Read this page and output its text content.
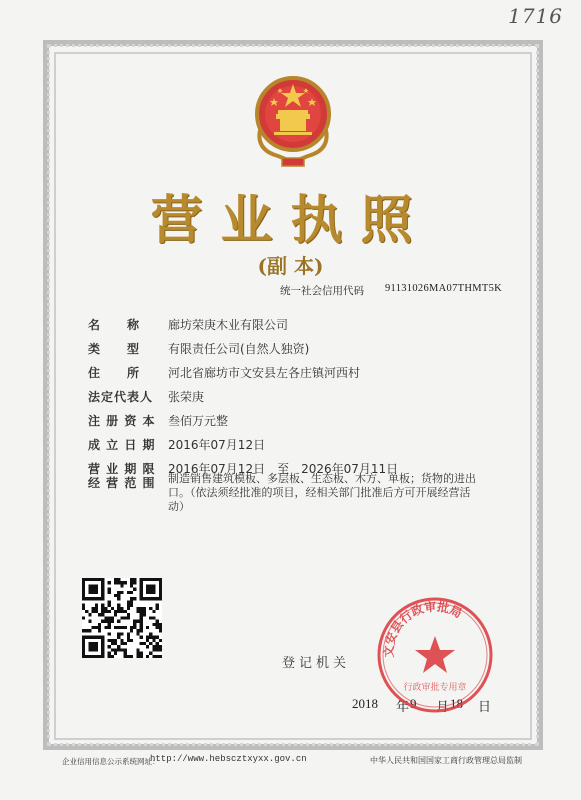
1716
营业执照
(副 本)
统一社会信用代码 91131026MA07THMT5K
名　　称	廊坊荣庚木业有限公司
类　　型	有限责任公司(自然人独资)
住　　所	河北省廊坊市文安县左各庄镇河西村
法定代表人	张荣庚
注 册 资 本	叁佰万元整
成 立 日 期	2016年07月12日
营 业 期 限	2016年07月12日　至　2026年07月11日
经 营 范 围	制造销售建筑模板、多层板、生态板、木方、单板；货物的进出口。（依法须经批准的项目，经相关部门批准后方可开展经营活动）
登记机关
2018 年 9 月 18 日
文安县行政审批局
行政审批专用章
企业信用信息公示系统网址：
http://www.hebscztxyxx.gov.cn	中华人民共和国国家工商行政管理总局监制
